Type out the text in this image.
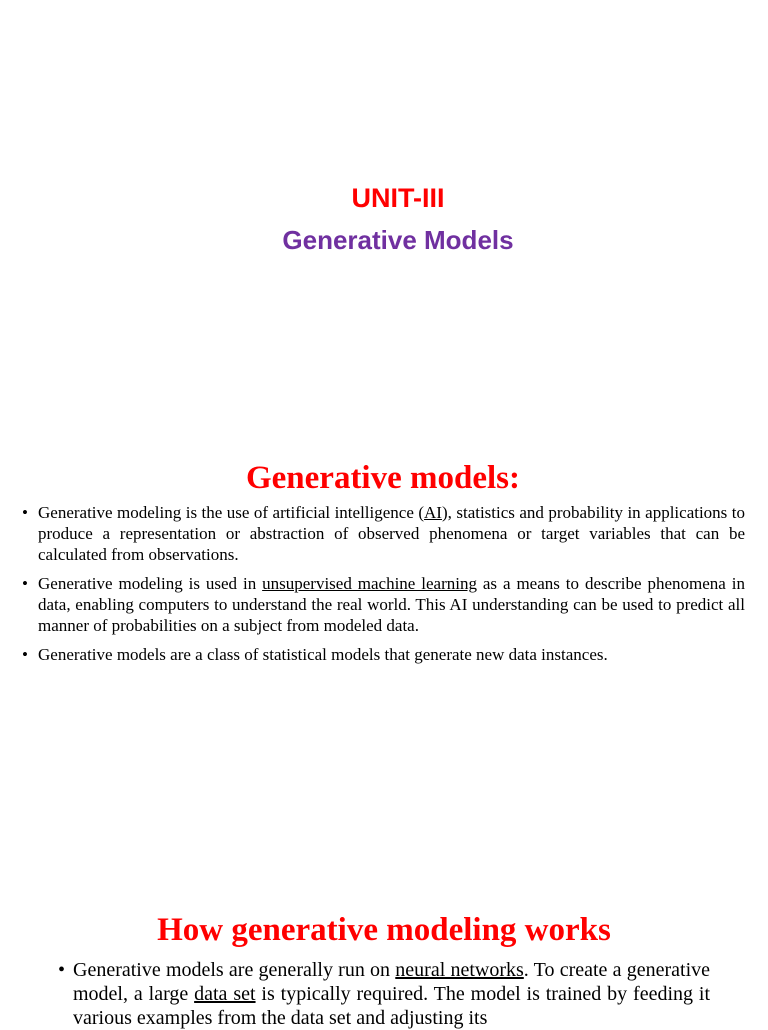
UNIT-III
Generative Models
Generative models:
• Generative modeling is the use of artificial intelligence (AI), statistics and probability in applications to produce a representation or abstraction of observed phenomena or target variables that can be calculated from observations.
• Generative modeling is used in unsupervised machine learning as a means to describe phenomena in data, enabling computers to understand the real world. This AI understanding can be used to predict all manner of probabilities on a subject from modeled data.
• Generative models are a class of statistical models that generate new data instances.
How generative modeling works
• Generative models are generally run on neural networks. To create a generative model, a large data set is typically required. The model is trained by feeding it various examples from the data set and adjusting its
